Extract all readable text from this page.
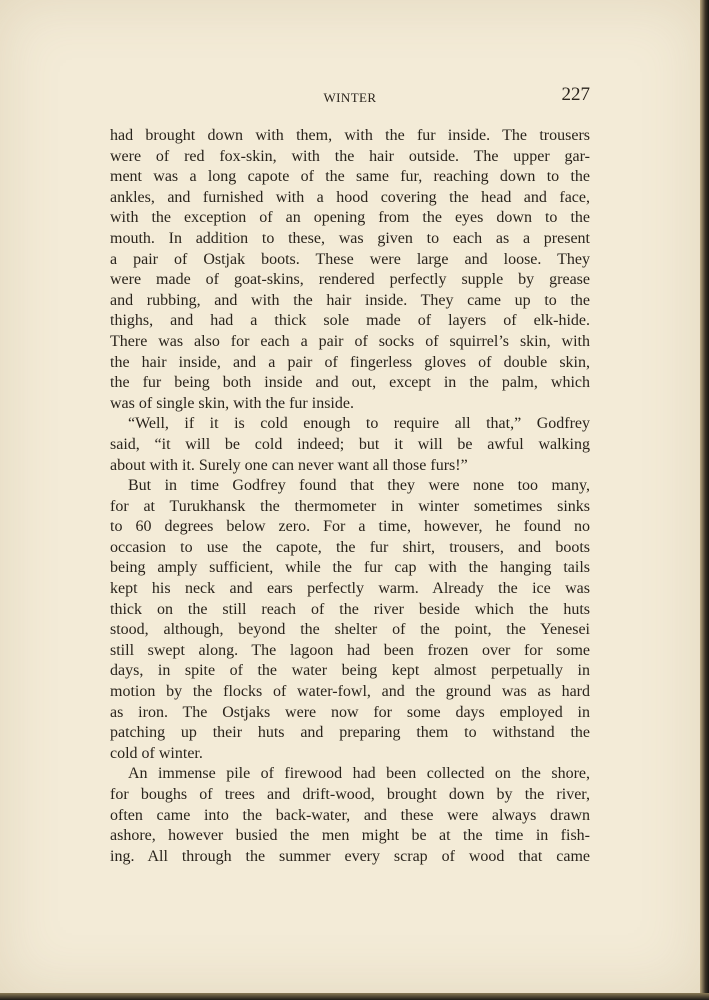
WINTER	227
had brought down with them, with the fur inside. The trousers
were of red fox-skin, with the hair outside. The upper gar-
ment was a long capote of the same fur, reaching down to the
ankles, and furnished with a hood covering the head and face,
with the exception of an opening from the eyes down to the
mouth. In addition to these, was given to each as a present
a pair of Ostjak boots. These were large and loose. They
were made of goat-skins, rendered perfectly supple by grease
and rubbing, and with the hair inside. They came up to the
thighs, and had a thick sole made of layers of elk-hide.
There was also for each a pair of socks of squirrel’s skin, with
the hair inside, and a pair of fingerless gloves of double skin,
the fur being both inside and out, except in the palm, which
was of single skin, with the fur inside.
“Well, if it is cold enough to require all that,” Godfrey
said, “it will be cold indeed; but it will be awful walking
about with it. Surely one can never want all those furs!”
But in time Godfrey found that they were none too many,
for at Turukhansk the thermometer in winter sometimes sinks
to 60 degrees below zero. For a time, however, he found no
occasion to use the capote, the fur shirt, trousers, and boots
being amply sufficient, while the fur cap with the hanging tails
kept his neck and ears perfectly warm. Already the ice was
thick on the still reach of the river beside which the huts
stood, although, beyond the shelter of the point, the Yenesei
still swept along. The lagoon had been frozen over for some
days, in spite of the water being kept almost perpetually in
motion by the flocks of water-fowl, and the ground was as hard
as iron. The Ostjaks were now for some days employed in
patching up their huts and preparing them to withstand the
cold of winter.
An immense pile of firewood had been collected on the shore,
for boughs of trees and drift-wood, brought down by the river,
often came into the back-water, and these were always drawn
ashore, however busied the men might be at the time in fish-
ing. All through the summer every scrap of wood that came
